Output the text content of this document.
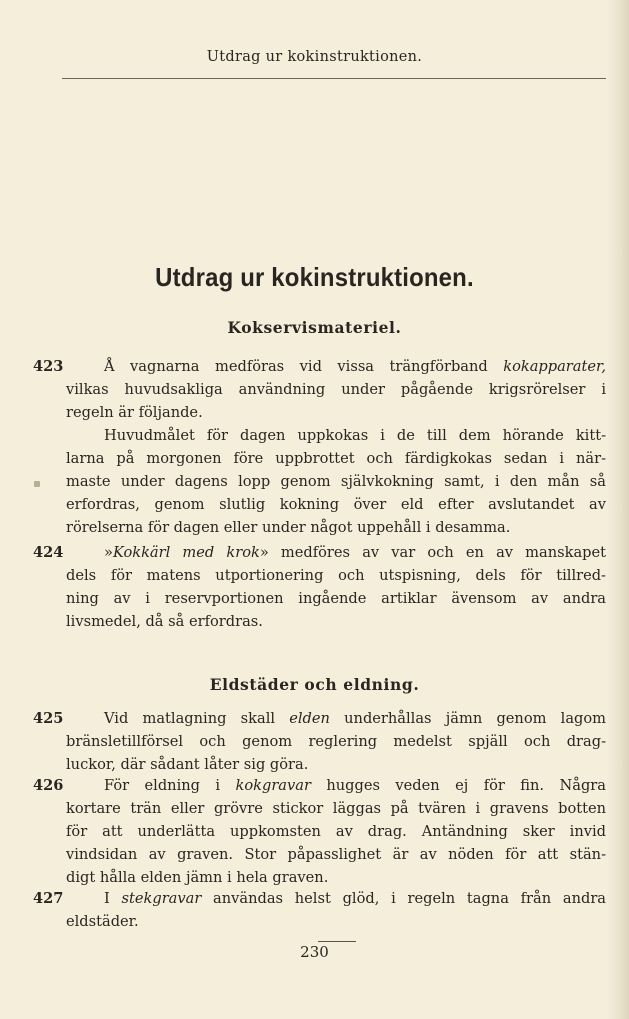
Utdrag ur kokinstruktionen.
Utdrag ur kokinstruktionen.
Kokservismateriel.
Eldstäder och eldning.
423	Å vagnarna medföras vid vissa trängförband kokapparater,
vilkas huvudsakliga användning under pågående krigsrörelser i
regeln är följande.
Huvudmålet för dagen uppkokas i de till dem hörande kitt-
larna på morgonen före uppbrottet och färdigkokas sedan i när-
maste under dagens lopp genom självkokning samt, i den mån så
erfordras, genom slutlig kokning över eld efter avslutandet av
rörelserna för dagen eller under något uppehåll i desamma.
424	»Kokkärl med krok» medföres av var och en av manskapet
dels för matens utportionering och utspisning, dels för tillred-
ning av i reservportionen ingående artiklar ävensom av andra
livsmedel, då så erfordras.
425	Vid matlagning skall elden underhållas jämn genom lagom
bränsletillförsel och genom reglering medelst spjäll och drag-
luckor, där sådant låter sig göra.
426	För eldning i kokgravar hugges veden ej för fin. Några
kortare trän eller grövre stickor läggas på tvären i gravens botten
för att underlätta uppkomsten av drag. Antändning sker invid
vindsidan av graven. Stor påpasslighet är av nöden för att stän-
digt hålla elden jämn i hela graven.
427	I stekgravar användas helst glöd, i regeln tagna från andra
eldstäder.
230
